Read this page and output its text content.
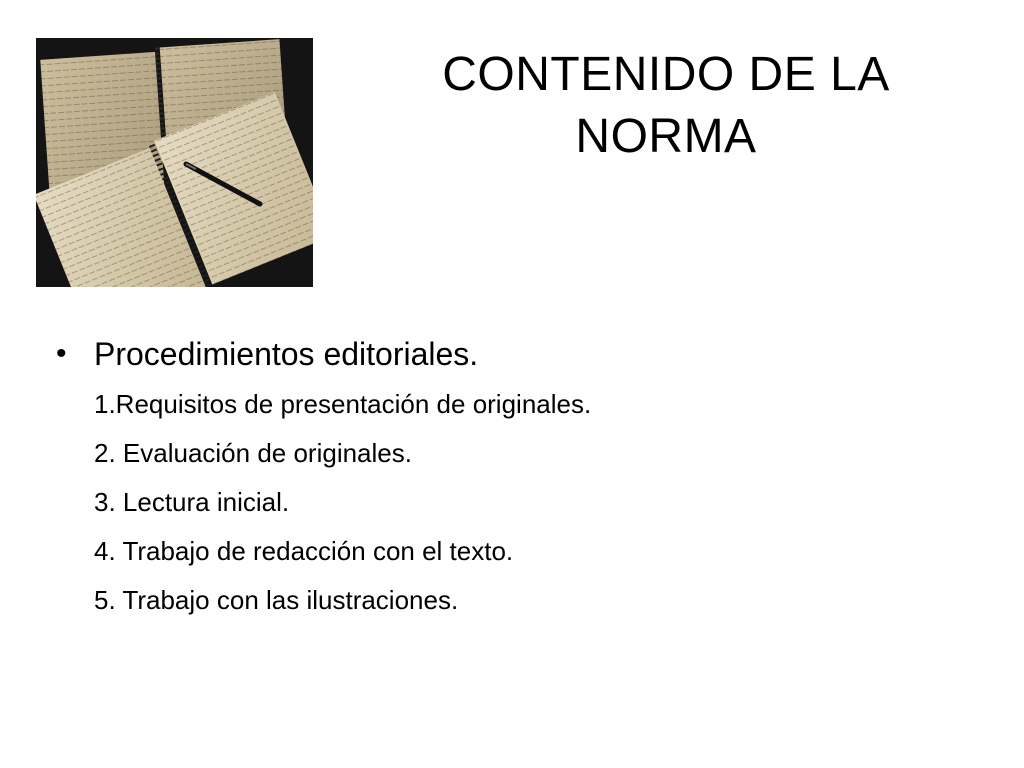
CONTENIDO DE LA
NORMA
• Procedimientos editoriales.
1.Requisitos de presentación de originales.
2. Evaluación de originales.
3. Lectura inicial.
4. Trabajo de redacción con el texto.
5. Trabajo con las ilustraciones.
